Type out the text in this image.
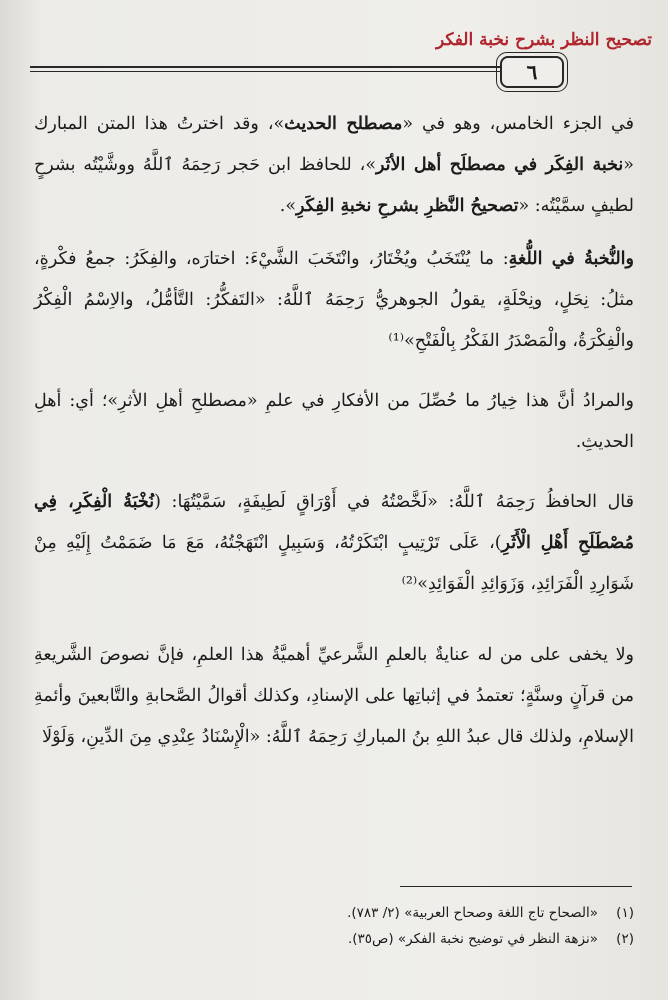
تصحيح النظر بشرح نخبة الفكر
٦

في الجزء الخامس، وهو في «مصطلح الحديث»، وقد اخترتُ هذا المتن المبارك «نخبة الفِكَر في مصطلَح أهل الأثَر»، للحافظ ابن حَجر رَحِمَهُ ٱللَّهُ ووشَّيْتُه بشرحٍ لطيفٍ سمَّيْتُه: «تصحيحُ النَّظرِ بشرحِ نخبةِ الفِكَرِ».

والنُّخبةُ في اللُّغةِ: ما يُنْتَخَبُ ويُخْتَارُ، وانْتَخَبَ الشَّيْءَ: اختارَه، والفِكَرُ: جمعُ فكْرةٍ، مثلُ: نِحَلٍ، ونِحْلَةٍ، يقولُ الجوهريُّ رَحِمَهُ ٱللَّهُ: «التَفكُّرُ: التَّأمُّلُ، والاِسْمُ الْفِكْرُ والْفِكْرَةُ، والْمَصْدَرُ الفَكْرُ بِالْفَتْحِ»⁽¹⁾

والمرادُ أنَّ هذا خِيارُ ما حُصِّلَ من الأفكارِ في علمِ «مصطلحِ أهلِ الأثرِ»؛ أي: أهلِ الحديثِ.

قال الحافظُ رَحِمَهُ ٱللَّهُ: «لَخَّصْتُهُ في أَوْرَاقٍ لَطِيفَةٍ، سَمَّيْتُهَا: (نُخْبَةُ الْفِكَرِ، فِي مُصْطَلَحِ أَهْلِ الْأَثَرِ)، عَلَى تَرْتِيبٍ ابْتَكَرْتُهُ، وَسَبِيلٍ انْتَهَجْتُهُ، مَعَ مَا ضَمَمْتُ إِلَيْهِ مِنْ شَوَارِدِ الْفَرَائِدِ، وَزَوَائِدِ الْفَوَائِدِ»⁽²⁾

ولا يخفى على من له عنايةٌ بالعلمِ الشَّرعيِّ أهميَّةُ هذا العلمِ، فإنَّ نصوصَ الشَّريعةِ من قرآنٍ وسنَّةٍ؛ تعتمدُ في إثباتِها على الإسنادِ، وكذلك أقوالُ الصَّحابةِ والتَّابعينَ وأئمةِ الإسلامِ، ولذلك قال عبدُ اللهِ بنُ المباركِ رَحِمَهُ ٱللَّهُ: «الْإِسْنَادُ عِنْدِي مِنَ الدِّينِ، وَلَوْلَا

(١)
«الصحاح تاج اللغة وصحاح العربية» (٢/ ٧٨٣).

(٢)
«نزهة النظر في توضيح نخبة الفكر» (ص٣٥).
